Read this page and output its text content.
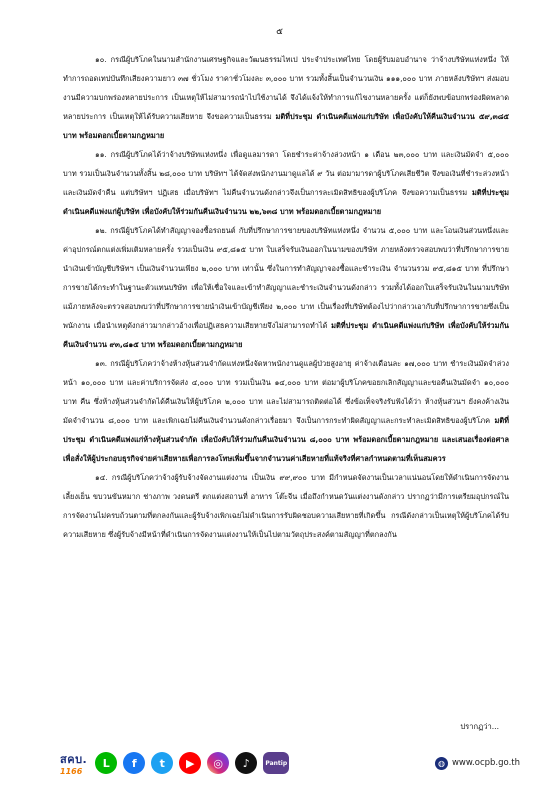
๕

๑๐. กรณีผู้บริโภคในนามสำนักงานเศรษฐกิจและวัฒนธรรมไทเป ประจำประเทศไทย โดยผู้รับมอบอำนาจ ว่าจ้างบริษัทแห่งหนึ่ง ให้ทำการถอดเทปบันทึกเสียงความยาว ๓๗ ชั่วโมง ราคาชั่วโมงละ ๓,๐๐๐ บาท รวมทั้งสิ้นเป็นจำนวนเงิน ๑๑๑,๐๐๐ บาท ภายหลังบริษัทฯ ส่งมอบงานมีความบกพร่องหลายประการ เป็นเหตุให้ไม่สามารถนำไปใช้งานได้ จึงได้แจ้งให้ทำการแก้ไขงานหลายครั้ง แต่ก็ยังพบข้อบกพร่องผิดพลาดหลายประการ เป็นเหตุให้ได้รับความเสียหาย จึงขอความเป็นธรรม มติที่ประชุม ดำเนินคดีแพ่งแก่บริษัท เพื่อบังคับให้คืนเงินจำนวน ๕๙,๓๘๕ บาท พร้อมดอกเบี้ยตามกฎหมาย

๑๑. กรณีผู้บริโภคได้ว่าจ้างบริษัทแห่งหนึ่ง เพื่อดูแลมารดา โดยชำระค่าจ้างล่วงหน้า ๑ เดือน ๒๓,๐๐๐ บาท และเงินมัดจำ ๕,๐๐๐ บาท รวมเป็นเงินจำนวนทั้งสิ้น ๒๘,๐๐๐ บาท บริษัทฯ ได้จัดส่งพนักงานมาดูแลได้ ๙ วัน ต่อมามารดาผู้บริโภคเสียชีวิต จึงขอเงินที่ชำระล่วงหน้าและเงินมัดจำคืน แต่บริษัทฯ ปฏิเสธ เมื่อบริษัทฯ ไม่คืนจำนวนดังกล่าวจึงเป็นการละเมิดสิทธิของผู้บริโภค จึงขอความเป็นธรรม มติที่ประชุม ดำเนินคดีแพ่งแก่ผู้บริษัท เพื่อบังคับให้ร่วมกันคืนเงินจำนวน ๒๒,๖๓๘ บาท พร้อมดอกเบี้ยตามกฎหมาย

๑๒. กรณีผู้บริโภคได้ทำสัญญาจองซื้อรถยนต์ กับที่ปรึกษาการขายของบริษัทแห่งหนึ่ง จำนวน ๕,๐๐๐ บาท และโอนเงินส่วนหนึ่งและค่าอุปกรณ์ตกแต่งเพิ่มเติมหลายครั้ง รวมเป็นเงิน ๙๕,๘๑๕ บาท ใบเสร็จรับเงินออกในนามของบริษัท ภายหลังตรวจสอบพบว่าที่ปรึกษาการขายนำเงินเข้าบัญชีบริษัทฯ เป็นเงินจำนวนเพียง ๒,๐๐๐ บาท เท่านั้น ซึ่งในการทำสัญญาจองซื้อและชำระเงิน จำนวนรวม ๙๕,๘๑๕ บาท ที่ปรึกษาการขายได้กระทำในฐานะตัวแทนบริษัท เพื่อให้เชื่อใจและเข้าทำสัญญาและชำระเงินจำนวนดังกล่าว รวมทั้งได้ออกใบเสร็จรับเงินในนามบริษัท แม้ภายหลังจะตรวจสอบพบว่าที่ปรึกษาการขายนำเงินเข้าบัญชีเพียง ๒,๐๐๐ บาท เป็นเรื่องที่บริษัทต้องไปว่ากล่าวเอากับที่ปรึกษาการขายซึ่งเป็นพนักงาน เมื่อนำเหตุดังกล่าวมากล่าวอ้างเพื่อปฏิเสธความเสียหายจึงไม่สามารถทำได้ มติที่ประชุม ดำเนินคดีแพ่งแก่บริษัท เพื่อบังคับให้ร่วมกันคืนเงินจำนวน ๙๓,๘๑๕ บาท พร้อมดอกเบี้ยตามกฎหมาย

๑๓. กรณีผู้บริโภคว่าจ้างห้างหุ้นส่วนจำกัดแห่งหนึ่งจัดหาพนักงานดูแลผู้ป่วยสูงอายุ ค่าจ้างเดือนละ ๑๗,๐๐๐ บาท ชำระเงินมัดจำล่วงหน้า ๑๐,๐๐๐ บาท และค่าบริการจัดส่ง ๔,๐๐๐ บาท รวมเป็นเงิน ๑๔,๐๐๐ บาท ต่อมาผู้บริโภคขอยกเลิกสัญญาและขอคืนเงินมัดจำ ๑๐,๐๐๐ บาท คืน ซึ่งห้างหุ้นส่วนจำกัดได้คืนเงินให้ผู้บริโภค ๒,๐๐๐ บาท และไม่สามารถติดต่อได้ ซึ่งข้อเท็จจริงรับฟังได้ว่า ห้างหุ้นส่วนฯ ยังคงค้างเงินมัดจำจำนวน ๘,๐๐๐ บาท และเพิกเฉยไม่คืนเงินจำนวนดังกล่าวเรื่อยมา จึงเป็นการกระทำผิดสัญญาและกระทำละเมิดสิทธิของผู้บริโภค มติที่ประชุม ดำเนินคดีแพ่งแก่ห้างหุ้นส่วนจำกัด เพื่อบังคับให้ร่วมกันคืนเงินจำนวน ๘,๐๐๐ บาท พร้อมดอกเบี้ยตามกฎหมาย และเสนอเรื่องต่อศาลเพื่อสั่งให้ผู้ประกอบธุรกิจจ่ายค่าเสียหายเพื่อการลงโทษเพิ่มขึ้นจากจำนวนค่าเสียหายที่แท้จริงที่ศาลกำหนดตามที่เห็นสมควร

๑๔. กรณีผู้บริโภคว่าจ้างผู้รับจ้างจัดงานแต่งงาน เป็นเงิน ๙๙,๙๐๐ บาท มีกำหนดจัดงานเป็นเวลาแน่นอนโดยให้ดำเนินการจัดงานเลี้ยงเย็น ขบวนขันหมาก ช่างภาพ วงดนตรี ตกแต่งสถานที่ อาหาร โต๊ะจีน เมื่อถึงกำหนดวันแต่งงานดังกล่าว ปรากฏว่ามีการเตรียมอุปกรณ์ในการจัดงานไม่ครบถ้วนตามที่ตกลงกันและผู้รับจ้างเพิกเฉยไม่ดำเนินการรับผิดชอบความเสียหายที่เกิดขึ้น กรณีดังกล่าวเป็นเหตุให้ผู้บริโภคได้รับความเสียหาย ซึ่งผู้รับจ้างมีหน้าที่ดำเนินการจัดงานแต่งงานให้เป็นไปตามวัตถุประสงค์ตามสัญญาที่ตกลงกัน

ปรากฏว่า...
สคบ.
1166
L	f	t	▶	◎	♪	Pantip	◍ www.ocpb.go.th
